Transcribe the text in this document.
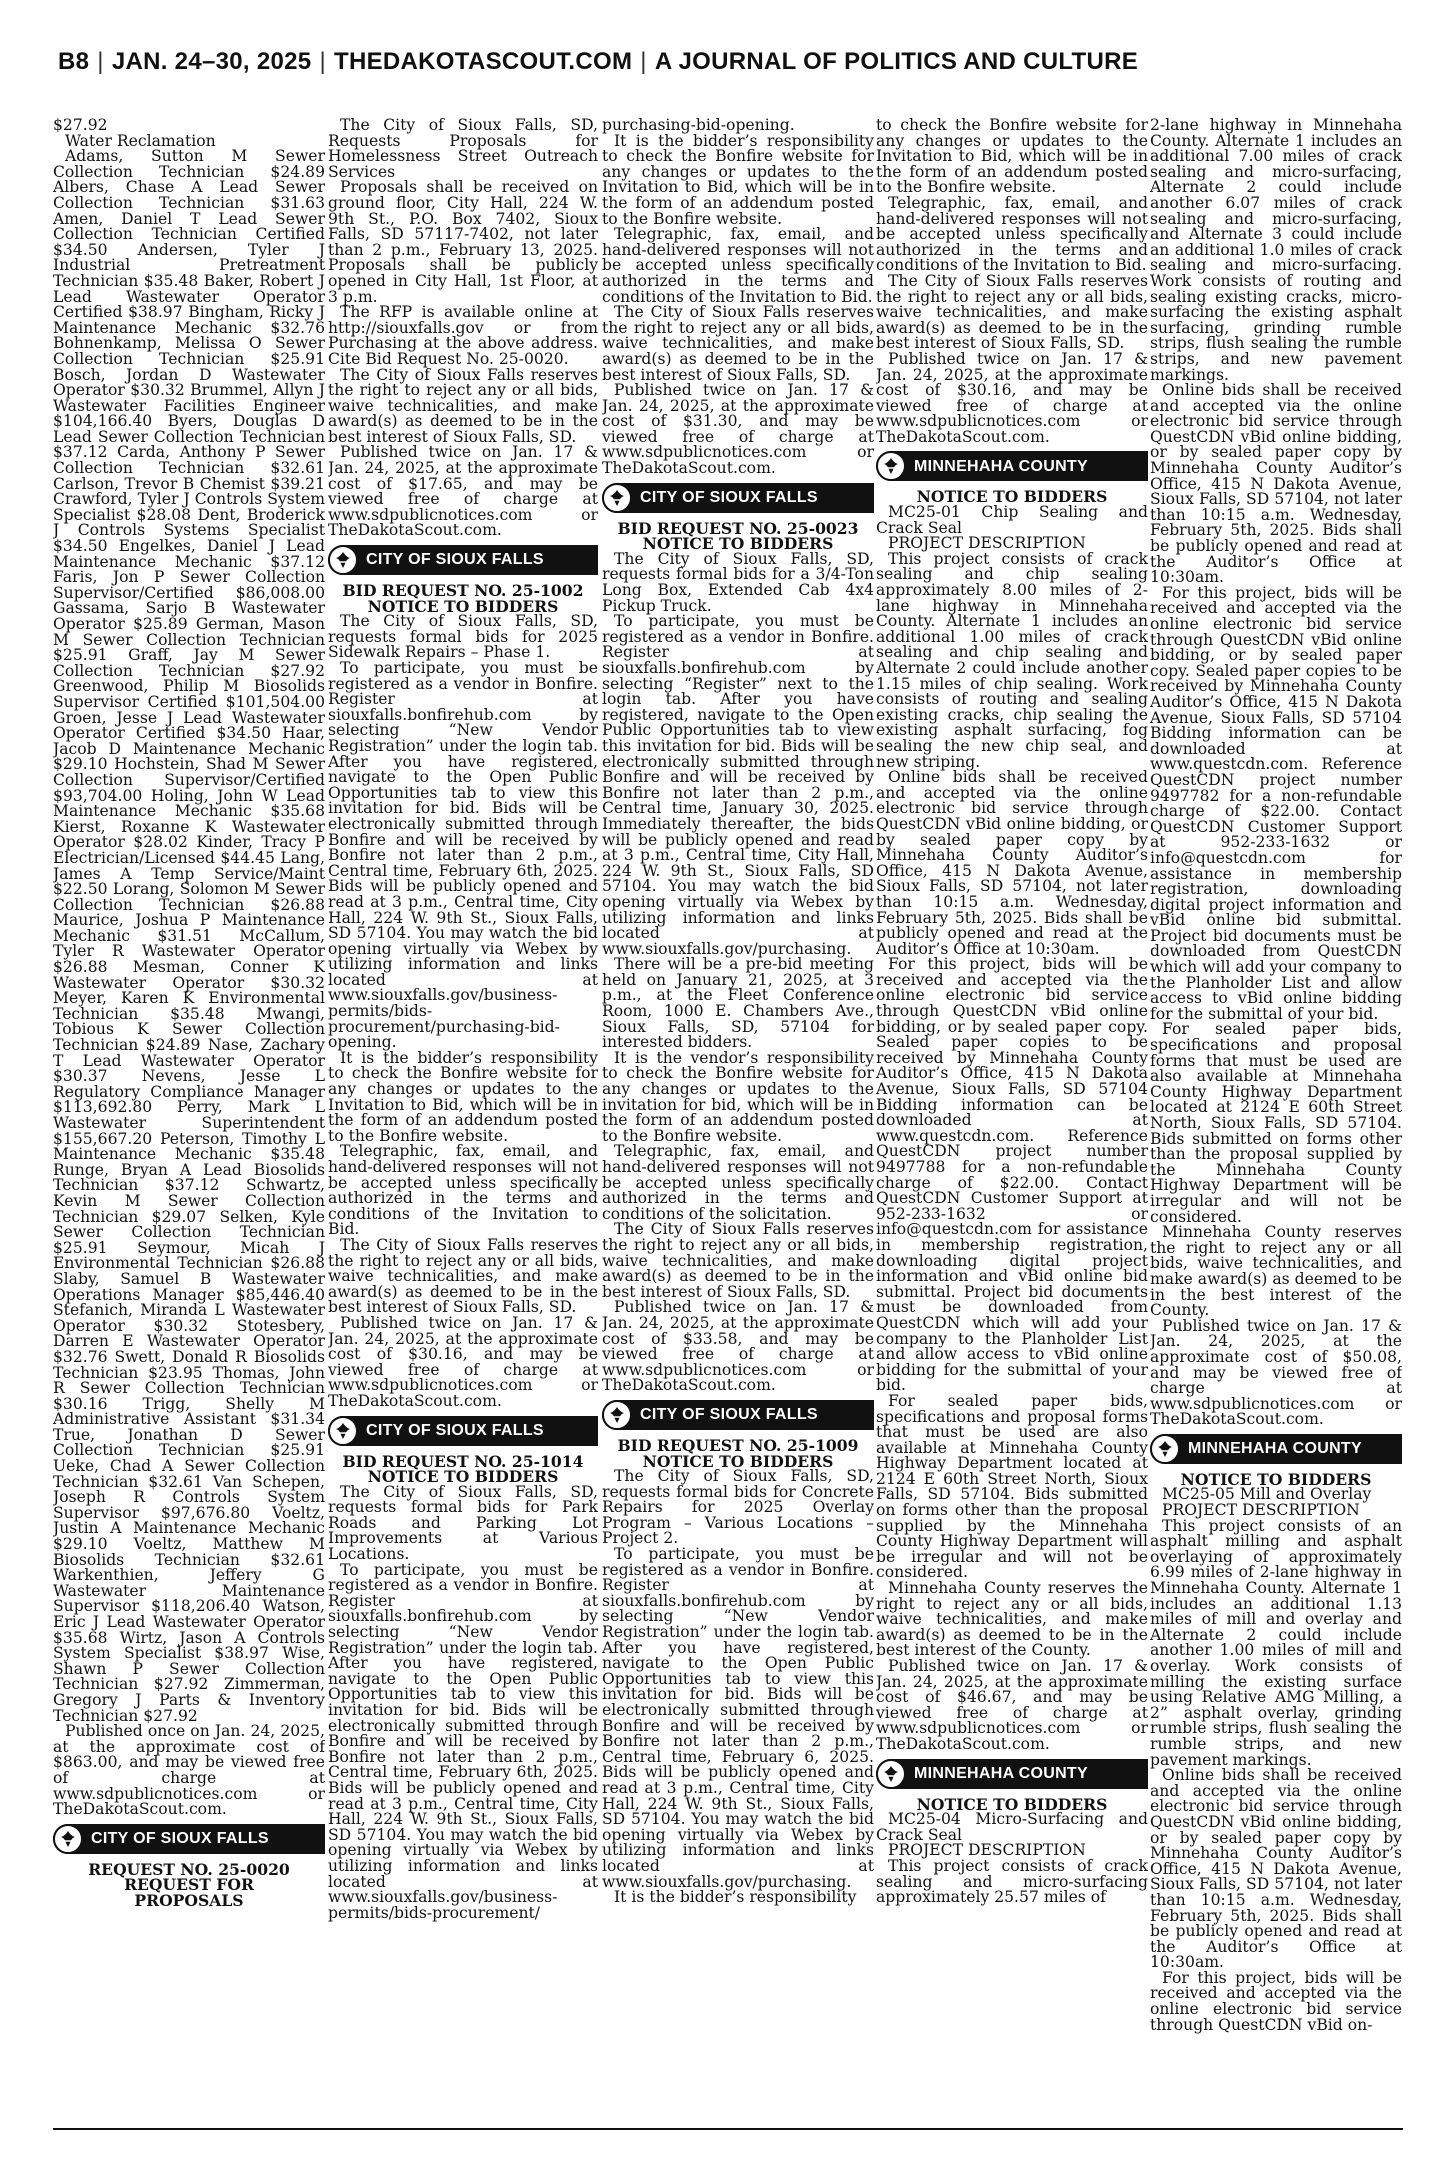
B8 | JAN. 24–30, 2025 | THEDAKOTASCOUT.COM | A JOURNAL OF POLITICS AND CULTURE

$27.92

Water Reclamation

Adams, Sutton M Sewer Collection Technician $24.89 Albers, Chase A Lead Sewer Collection Technician $31.63 Amen, Daniel T Lead Sewer Collection Technician Certified $34.50 Andersen, Tyler J Industrial Pretreatment Technician $35.48 Baker, Robert J Lead Wastewater Operator Certified $38.97 Bingham, Ricky J Maintenance Mechanic $32.76 Bohnenkamp, Melissa O Sewer Collection Technician $25.91 Bosch, Jordan D Wastewater Operator $30.32 Brummel, Allyn J Wastewater Facilities Engineer $104,166.40 Byers, Douglas D Lead Sewer Collection Technician $37.12 Carda, Anthony P Sewer Collection Technician $32.61 Carlson, Trevor B Chemist $39.21 Crawford, Tyler J Controls System Specialist $28.08 Dent, Broderick J Controls Systems Specialist $34.50 Engelkes, Daniel J Lead Maintenance Mechanic $37.12 Faris, Jon P Sewer Collection Supervisor/Certified $86,008.00 Gassama, Sarjo B Wastewater Operator $25.89 German, Mason M Sewer Collection Technician $25.91 Graff, Jay M Sewer Collection Technician $27.92 Greenwood, Philip M Biosolids Supervisor Certified $101,504.00 Groen, Jesse J Lead Wastewater Operator Certified $34.50 Haar, Jacob D Maintenance Mechanic $29.10 Hochstein, Shad M Sewer Collection Supervisor/Certified $93,704.00 Holing, John W Lead Maintenance Mechanic $35.68 Kierst, Roxanne K Wastewater Operator $28.02 Kinder, Tracy P Electrician/Licensed $44.45 Lang, James A Temp Service/Maint $22.50 Lorang, Solomon M Sewer Collection Technician $26.88 Maurice, Joshua P Maintenance Mechanic $31.51 McCallum, Tyler R Wastewater Operator $26.88 Mesman, Conner K Wastewater Operator $30.32 Meyer, Karen K Environmental Technician $35.48 Mwangi, Tobious K Sewer Collection Technician $24.89 Nase, Zachary T Lead Wastewater Operator $30.37 Nevens, Jesse L Regulatory Compliance Manager $113,692.80 Perry, Mark L Wastewater Superintendent $155,667.20 Peterson, Timothy L Maintenance Mechanic $35.48 Runge, Bryan A Lead Biosolids Technician $37.12 Schwartz, Kevin M Sewer Collection Technician $29.07 Selken, Kyle Sewer Collection Technician $25.91 Seymour, Micah J Environmental Technician $26.88 Slaby, Samuel B Wastewater Operations Manager $85,446.40 Stefanich, Miranda L Wastewater Operator $30.32 Stotesbery, Darren E Wastewater Operator $32.76 Swett, Donald R Biosolids Technician $23.95 Thomas, John R Sewer Collection Technician $30.16 Trigg, Shelly M Administrative Assistant $31.34 True, Jonathan D Sewer Collection Technician $25.91 Ueke, Chad A Sewer Collection Technician $32.61 Van Schepen, Joseph R Controls System Supervisor $97,676.80 Voeltz, Justin A Maintenance Mechanic $29.10 Voeltz, Matthew M Biosolids Technician $32.61 Warkenthien, Jeffery G Wastewater Maintenance Supervisor $118,206.40 Watson, Eric J Lead Wastewater Operator $35.68 Wirtz, Jason A Controls System Specialist $38.97 Wise, Shawn P Sewer Collection Technician $27.92 Zimmerman, Gregory J Parts & Inventory Technician $27.92

Published once on Jan. 24, 2025, at the approximate cost of $863.00, and may be viewed free of charge at www.sdpublicnotices.com or TheDakotaScout.com.

CITY OF SIOUX FALLS

REQUEST NO. 25-0020

REQUEST FOR

PROPOSALS

The City of Sioux Falls, SD, Requests Proposals for Homelessness Street Outreach Services

Proposals shall be received on ground floor, City Hall, 224 W. 9th St., P.O. Box 7402, Sioux Falls, SD 57117-7402, not later than 2 p.m., February 13, 2025. Proposals shall be publicly opened in City Hall, 1st Floor, at 3 p.m.

The RFP is available online at http://siouxfalls.gov or from Purchasing at the above address. Cite Bid Request No. 25-0020.

The City of Sioux Falls reserves the right to reject any or all bids, waive technicalities, and make award(s) as deemed to be in the best interest of Sioux Falls, SD.

Published twice on Jan. 17 & Jan. 24, 2025, at the approximate cost of $17.65, and may be viewed free of charge at www.sdpublicnotices.com or TheDakotaScout.com.

CITY OF SIOUX FALLS

BID REQUEST NO. 25-1002

NOTICE TO BIDDERS

The City of Sioux Falls, SD, requests formal bids for 2025 Sidewalk Repairs – Phase 1.

To participate, you must be registered as a vendor in Bonfire. Register at siouxfalls.bonfirehub.com by selecting “New Vendor Registration” under the login tab. After you have registered, navigate to the Open Public Opportunities tab to view this invitation for bid. Bids will be electronically submitted through Bonfire and will be received by Bonfire not later than 2 p.m., Central time, February 6th, 2025. Bids will be publicly opened and read at 3 p.m., Central time, City Hall, 224 W. 9th St., Sioux Falls, SD 57104. You may watch the bid opening virtually via Webex by utilizing information and links located at www.siouxfalls.gov/business-permits/bids-procurement/purchasing-bid-opening.

It is the bidder’s responsibility to check the Bonfire website for any changes or updates to the Invitation to Bid, which will be in the form of an addendum posted to the Bonfire website.

Telegraphic, fax, email, and hand-delivered responses will not be accepted unless specifically authorized in the terms and conditions of the Invitation to Bid.

The City of Sioux Falls reserves the right to reject any or all bids, waive technicalities, and make award(s) as deemed to be in the best interest of Sioux Falls, SD.

Published twice on Jan. 17 & Jan. 24, 2025, at the approximate cost of $30.16, and may be viewed free of charge at www.sdpublicnotices.com or TheDakotaScout.com.

CITY OF SIOUX FALLS

BID REQUEST NO. 25-1014

NOTICE TO BIDDERS

The City of Sioux Falls, SD, requests formal bids for Park Roads and Parking Lot Improvements at Various Locations.

To participate, you must be registered as a vendor in Bonfire. Register at siouxfalls.bonfirehub.com by selecting “New Vendor Registration” under the login tab. After you have registered, navigate to the Open Public Opportunities tab to view this invitation for bid. Bids will be electronically submitted through Bonfire and will be received by Bonfire not later than 2 p.m., Central time, February 6th, 2025. Bids will be publicly opened and read at 3 p.m., Central time, City Hall, 224 W. 9th St., Sioux Falls, SD 57104. You may watch the bid opening virtually via Webex by utilizing information and links located at www.siouxfalls.gov/business-permits/bids-procurement/

purchasing-bid-opening.

It is the bidder’s responsibility to check the Bonfire website for any changes or updates to the Invitation to Bid, which will be in the form of an addendum posted to the Bonfire website.

Telegraphic, fax, email, and hand-delivered responses will not be accepted unless specifically authorized in the terms and conditions of the Invitation to Bid.

The City of Sioux Falls reserves the right to reject any or all bids, waive technicalities, and make award(s) as deemed to be in the best interest of Sioux Falls, SD.

Published twice on Jan. 17 & Jan. 24, 2025, at the approximate cost of $31.30, and may be viewed free of charge at www.sdpublicnotices.com or TheDakotaScout.com.

CITY OF SIOUX FALLS

BID REQUEST NO. 25-0023

NOTICE TO BIDDERS

The City of Sioux Falls, SD, requests formal bids for a 3/4-Ton Long Box, Extended Cab 4x4 Pickup Truck.

To participate, you must be registered as a vendor in Bonfire. Register at siouxfalls.bonfirehub.com by selecting “Register” next to the login tab. After you have registered, navigate to the Open Public Opportunities tab to view this invitation for bid. Bids will be electronically submitted through Bonfire and will be received by Bonfire not later than 2 p.m., Central time, January 30, 2025. Immediately thereafter, the bids will be publicly opened and read at 3 p.m., Central time, City Hall, 224 W. 9th St., Sioux Falls, SD 57104. You may watch the bid opening virtually via Webex by utilizing information and links located at www.siouxfalls.gov/purchasing.

There will be a pre-bid meeting held on January 21, 2025, at 3 p.m., at the Fleet Conference Room, 1000 E. Chambers Ave., Sioux Falls, SD, 57104 for interested bidders.

It is the vendor’s responsibility to check the Bonfire website for any changes or updates to the invitation for bid, which will be in the form of an addendum posted to the Bonfire website.

Telegraphic, fax, email, and hand-delivered responses will not be accepted unless specifically authorized in the terms and conditions of the solicitation.

The City of Sioux Falls reserves the right to reject any or all bids, waive technicalities, and make award(s) as deemed to be in the best interest of Sioux Falls, SD.

Published twice on Jan. 17 & Jan. 24, 2025, at the approximate cost of $33.58, and may be viewed free of charge at www.sdpublicnotices.com or TheDakotaScout.com.

CITY OF SIOUX FALLS

BID REQUEST NO. 25-1009

NOTICE TO BIDDERS

The City of Sioux Falls, SD, requests formal bids for Concrete Repairs for 2025 Overlay Program – Various Locations – Project 2.

To participate, you must be registered as a vendor in Bonfire. Register at siouxfalls.bonfirehub.com by selecting “New Vendor Registration” under the login tab. After you have registered, navigate to the Open Public Opportunities tab to view this invitation for bid. Bids will be electronically submitted through Bonfire and will be received by Bonfire not later than 2 p.m., Central time, February 6, 2025. Bids will be publicly opened and read at 3 p.m., Central time, City Hall, 224 W. 9th St., Sioux Falls, SD 57104. You may watch the bid opening virtually via Webex by utilizing information and links located at www.siouxfalls.gov/purchasing.

It is the bidder’s responsibility

to check the Bonfire website for any changes or updates to the Invitation to Bid, which will be in the form of an addendum posted to the Bonfire website.

Telegraphic, fax, email, and hand-delivered responses will not be accepted unless specifically authorized in the terms and conditions of the Invitation to Bid.

The City of Sioux Falls reserves the right to reject any or all bids, waive technicalities, and make award(s) as deemed to be in the best interest of Sioux Falls, SD.

Published twice on Jan. 17 & Jan. 24, 2025, at the approximate cost of $30.16, and may be viewed free of charge at www.sdpublicnotices.com or TheDakotaScout.com.

MINNEHAHA COUNTY

NOTICE TO BIDDERS

MC25-01 Chip Sealing and Crack Seal

PROJECT DESCRIPTION

This project consists of crack sealing and chip sealing approximately 8.00 miles of 2-lane highway in Minnehaha County. Alternate 1 includes an additional 1.00 miles of crack sealing and chip sealing and Alternate 2 could include another 1.15 miles of chip sealing. Work consists of routing and sealing existing cracks, chip sealing the existing asphalt surfacing, fog sealing the new chip seal, and new striping.

Online bids shall be received and accepted via the online electronic bid service through QuestCDN vBid online bidding, or by sealed paper copy by Minnehaha County Auditor’s Office, 415 N Dakota Avenue, Sioux Falls, SD 57104, not later than 10:15 a.m. Wednesday, February 5th, 2025. Bids shall be publicly opened and read at the Auditor’s Office at 10:30am.

For this project, bids will be received and accepted via the online electronic bid service through QuestCDN vBid online bidding, or by sealed paper copy. Sealed paper copies to be received by Minnehaha County Auditor’s Office, 415 N Dakota Avenue, Sioux Falls, SD 57104 Bidding information can be downloaded at www.questcdn.com. Reference QuestCDN project number 9497788 for a non-refundable charge of $22.00. Contact QuestCDN Customer Support at 952-233-1632 or info@questcdn.com for assistance in membership registration, downloading digital project information and vBid online bid submittal. Project bid documents must be downloaded from QuestCDN which will add your company to the Planholder List and allow access to vBid online bidding for the submittal of your bid.

For sealed paper bids, specifications and proposal forms that must be used are also available at Minnehaha County Highway Department located at 2124 E 60th Street North, Sioux Falls, SD 57104. Bids submitted on forms other than the proposal supplied by the Minnehaha County Highway Department will be irregular and will not be considered.

Minnehaha County reserves the right to reject any or all bids, waive technicalities, and make award(s) as deemed to be in the best interest of the County.

Published twice on Jan. 17 & Jan. 24, 2025, at the approximate cost of $46.67, and may be viewed free of charge at www.sdpublicnotices.com or TheDakotaScout.com.

MINNEHAHA COUNTY

NOTICE TO BIDDERS

MC25-04 Micro-Surfacing and Crack Seal

PROJECT DESCRIPTION

This project consists of crack sealing and micro-surfacing approximately 25.57 miles of

2-lane highway in Minnehaha County. Alternate 1 includes an additional 7.00 miles of crack sealing and micro-surfacing, Alternate 2 could include another 6.07 miles of crack sealing and micro-surfacing, and Alternate 3 could include an additional 1.0 miles of crack sealing and micro-surfacing. Work consists of routing and sealing existing cracks, micro-surfacing the existing asphalt surfacing, grinding rumble strips, flush sealing the rumble strips, and new pavement markings.

Online bids shall be received and accepted via the online electronic bid service through QuestCDN vBid online bidding, or by sealed paper copy by Minnehaha County Auditor’s Office, 415 N Dakota Avenue, Sioux Falls, SD 57104, not later than 10:15 a.m. Wednesday, February 5th, 2025. Bids shall be publicly opened and read at the Auditor’s Office at 10:30am.

For this project, bids will be received and accepted via the online electronic bid service through QuestCDN vBid online bidding, or by sealed paper copy. Sealed paper copies to be received by Minnehaha County Auditor’s Office, 415 N Dakota Avenue, Sioux Falls, SD 57104 Bidding information can be downloaded at www.questcdn.com. Reference QuestCDN project number 9497782 for a non-refundable charge of $22.00. Contact QuestCDN Customer Support at 952-233-1632 or info@questcdn.com for assistance in membership registration, downloading digital project information and vBid online bid submittal. Project bid documents must be downloaded from QuestCDN which will add your company to the Planholder List and allow access to vBid online bidding for the submittal of your bid.

For sealed paper bids, specifications and proposal forms that must be used are also available at Minnehaha County Highway Department located at 2124 E 60th Street North, Sioux Falls, SD 57104. Bids submitted on forms other than the proposal supplied by the Minnehaha County Highway Department will be irregular and will not be considered.

Minnehaha County reserves the right to reject any or all bids, waive technicalities, and make award(s) as deemed to be in the best interest of the County.

Published twice on Jan. 17 & Jan. 24, 2025, at the approximate cost of $50.08, and may be viewed free of charge at www.sdpublicnotices.com or TheDakotaScout.com.

MINNEHAHA COUNTY

NOTICE TO BIDDERS

MC25-05 Mill and Overlay

PROJECT DESCRIPTION

This project consists of an asphalt milling and asphalt overlaying of approximately 6.99 miles of 2-lane highway in Minnehaha County. Alternate 1 includes an additional 1.13 miles of mill and overlay and Alternate 2 could include another 1.00 miles of mill and overlay. Work consists of milling the existing surface using Relative AMG Milling, a 2” asphalt overlay, grinding rumble strips, flush sealing the rumble strips, and new pavement markings.

Online bids shall be received and accepted via the online electronic bid service through QuestCDN vBid online bidding, or by sealed paper copy by Minnehaha County Auditor’s Office, 415 N Dakota Avenue, Sioux Falls, SD 57104, not later than 10:15 a.m. Wednesday, February 5th, 2025. Bids shall be publicly opened and read at the Auditor’s Office at 10:30am.

For this project, bids will be received and accepted via the online electronic bid service through QuestCDN vBid on-
